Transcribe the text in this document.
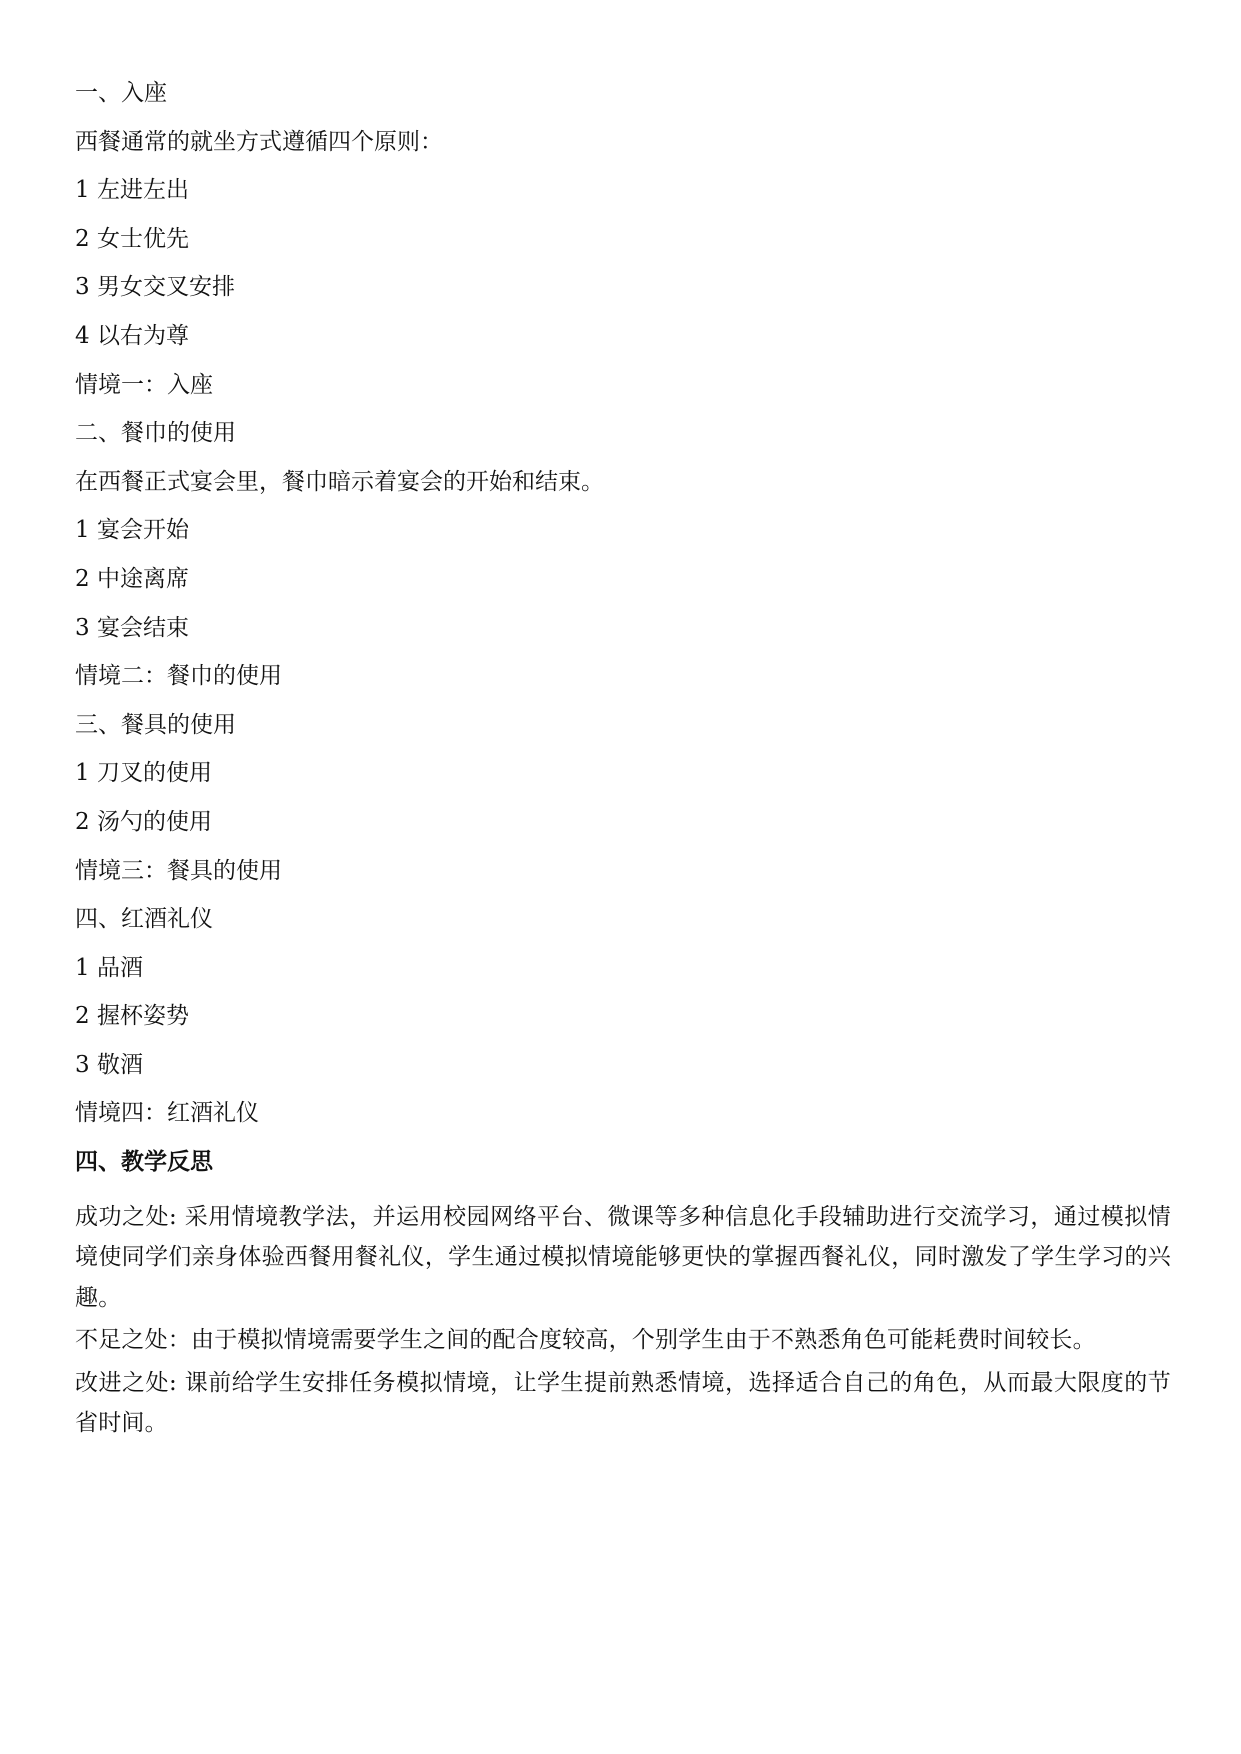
一、入座
西餐通常的就坐方式遵循四个原则：
1 左进左出
2 女士优先
3 男女交叉安排
4 以右为尊
情境一：入座
二、餐巾的使用
在西餐正式宴会里，餐巾暗示着宴会的开始和结束。
1 宴会开始
2 中途离席
3 宴会结束
情境二：餐巾的使用
三、餐具的使用
1 刀叉的使用
2 汤勺的使用
情境三：餐具的使用
四、红酒礼仪
1 品酒
2 握杯姿势
3 敬酒
情境四：红酒礼仪
四、教学反思
成功之处: 采用情境教学法，并运用校园网络平台、微课等多种信息化手段辅助进行交流学习，通过模拟情境使同学们亲身体验西餐用餐礼仪，学生通过模拟情境能够更快的掌握西餐礼仪，同时激发了学生学习的兴趣。
不足之处：由于模拟情境需要学生之间的配合度较高，个别学生由于不熟悉角色可能耗费时间较长。
改进之处: 课前给学生安排任务模拟情境，让学生提前熟悉情境，选择适合自己的角色，从而最大限度的节省时间。
